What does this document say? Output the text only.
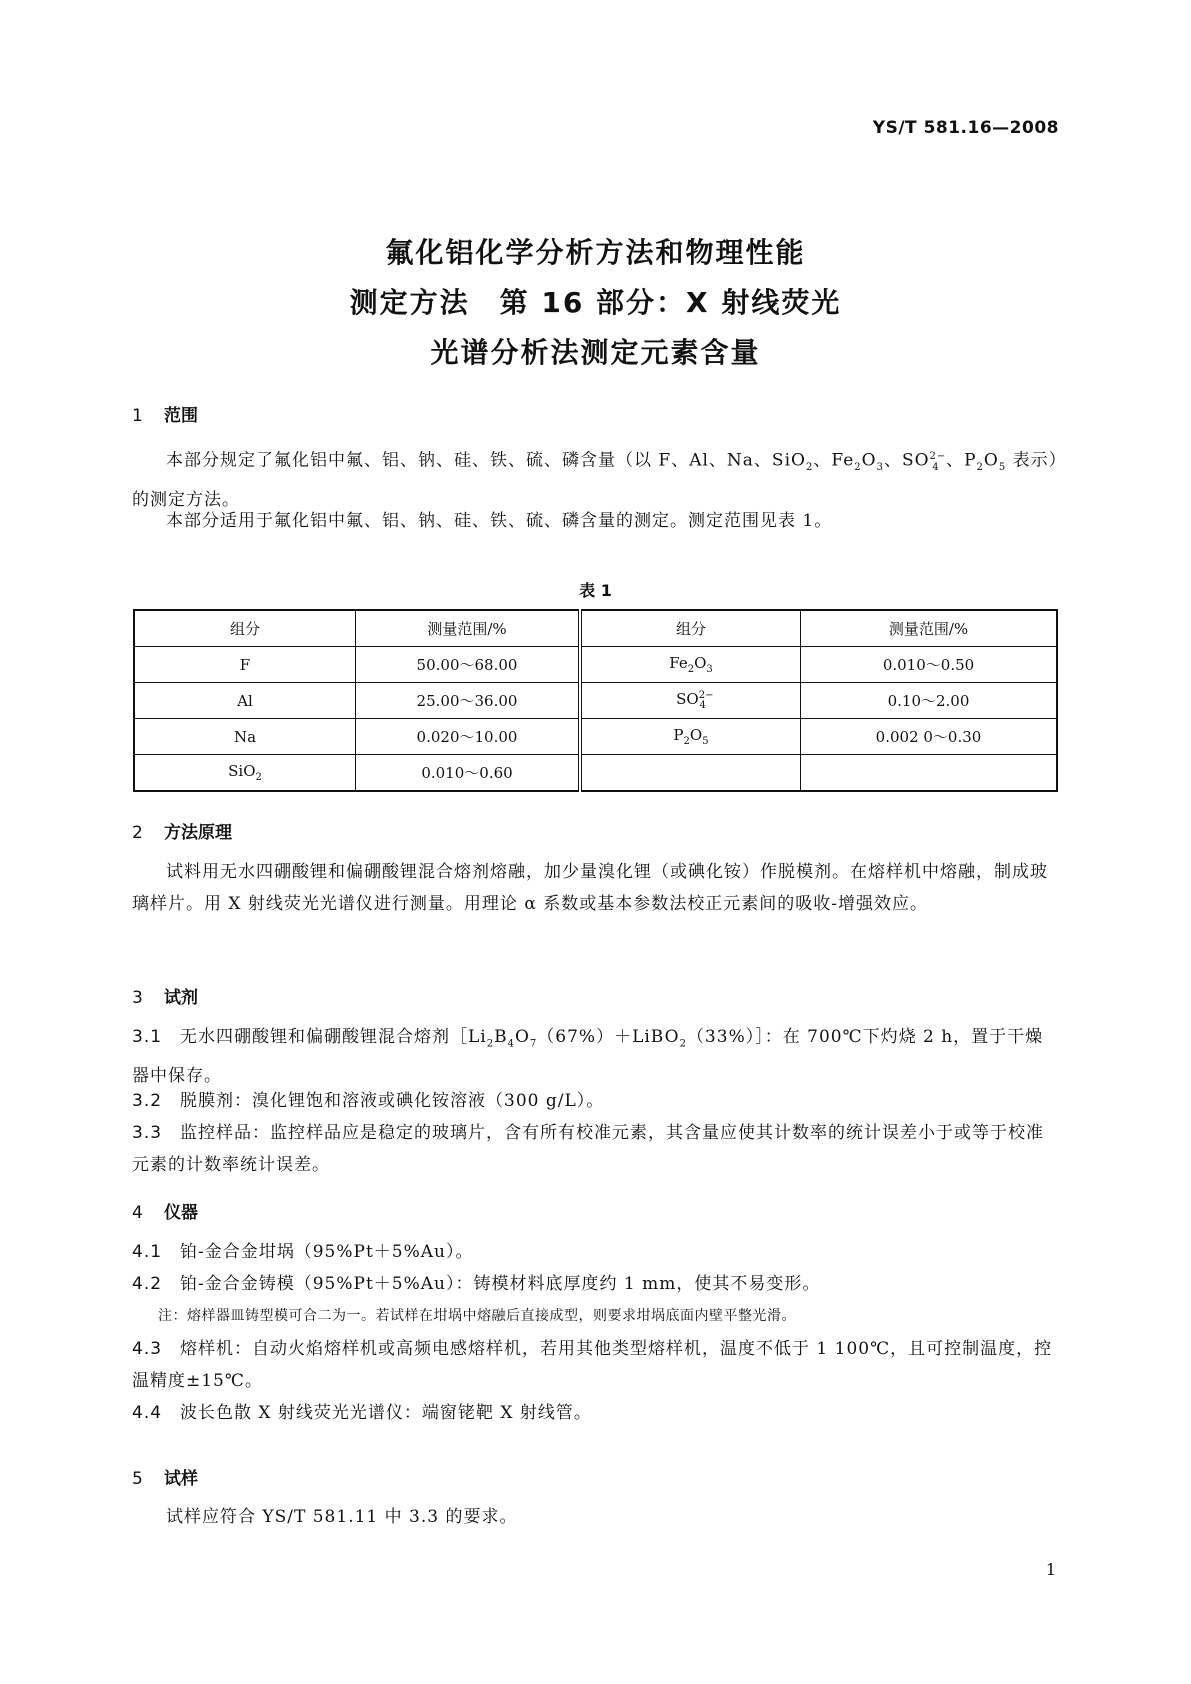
YS/T 581.16—2008
氟化铝化学分析方法和物理性能
测定方法　第 16 部分：X 射线荧光
光谱分析法测定元素含量
1 范围
本部分规定了氟化铝中氟、铝、钠、硅、铁、硫、磷含量（以 F、Al、Na、SiO$_2$、$Fe_2O_3$、$SO^{2-}_4$ 、$P_2O_5$ 表示）的测定方法。
本部分适用于氟化铝中氟、铝、钠、硅、铁、硫、磷含量的测定。测定范围见表 1。
表 1
组分	测量范围/%	组分	测量范围/%
F	50.00～68.00	$Fe_2O_3$	0.010～0.50
Al	25.00～36.00	$SO^{2-}_4$	0.10～2.00
Na	0.020～10.00	$P_2O_5$	0.002 0～0.30
SiO$_2$	0.010～0.60		
2 方法原理
试料用无水四硼酸锂和偏硼酸锂混合熔剂熔融，加少量溴化锂（或碘化铵）作脱模剂。在熔样机中熔融，制成玻璃样片。用 X 射线荧光光谱仪进行测量。用理论 α 系数或基本参数法校正元素间的吸收-增强效应。
3 试剂
3.1 无水四硼酸锂和偏硼酸锂混合熔剂$[Li_2B_4O_7(67\%)+LiBO_2(33\%)]$：在 700℃下灼烧 2 h，置于干燥器中保存。
3.2 脱膜剂：溴化锂饱和溶液或碘化铵溶液（300 g/L）。
3.3 监控样品：监控样品应是稳定的玻璃片，含有所有校准元素，其含量应使其计数率的统计误差小于或等于校准元素的计数率统计误差。
4 仪器
4.1 铂-金合金坩埚（95%Pt＋5%Au）。
4.2 铂-金合金铸模（95%Pt＋5%Au）：铸模材料底厚度约 1 mm，使其不易变形。
注：熔样器皿铸型模可合二为一。若试样在坩埚中熔融后直接成型，则要求坩埚底面内壁平整光滑。
4.3 熔样机：自动火焰熔样机或高频电感熔样机，若用其他类型熔样机，温度不低于 1 100℃，且可控制温度，控温精度±15℃。
4.4 波长色散 X 射线荧光光谱仪：端窗铑靶 X 射线管。
5 试样
试样应符合 YS/T 581.11 中 3.3 的要求。
1
